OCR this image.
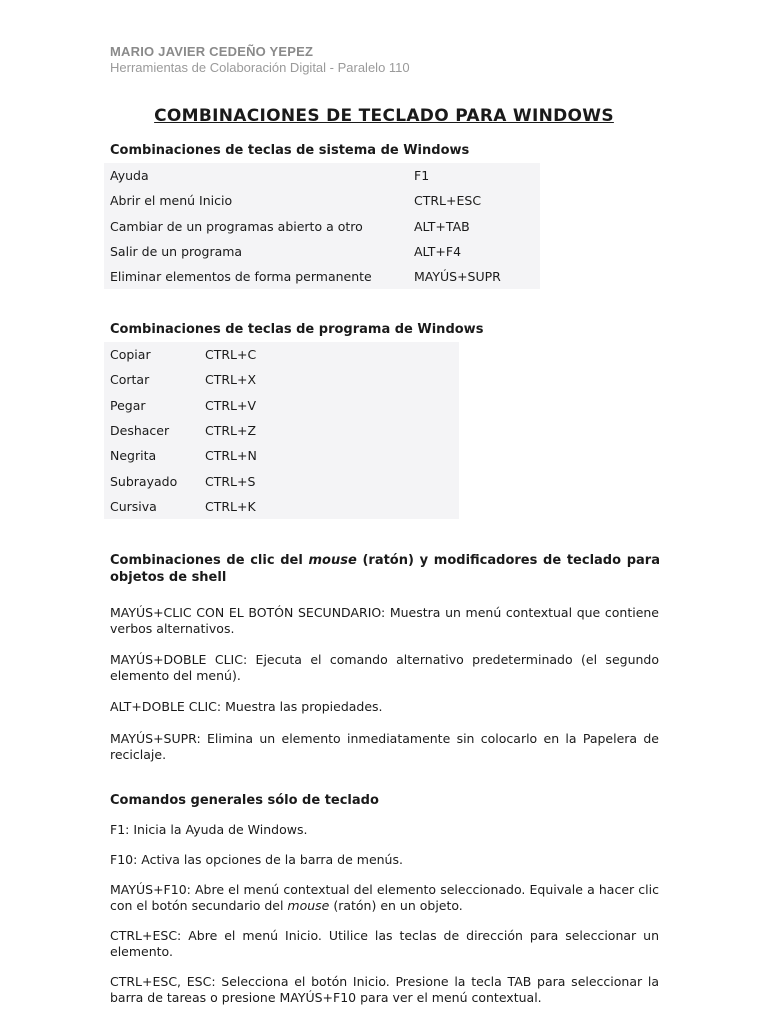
MARIO JAVIER CEDEÑO YEPEZ
Herramientas de Colaboración Digital - Paralelo 110
COMBINACIONES DE TECLADO PARA WINDOWS
Combinaciones de teclas de sistema de Windows
Ayuda	F1
Abrir el menú Inicio	CTRL+ESC
Cambiar de un programas abierto a otro	ALT+TAB
Salir de un programa	ALT+F4
Eliminar elementos de forma permanente	MAYÚS+SUPR
Combinaciones de teclas de programa de Windows
Copiar	CTRL+C
Cortar	CTRL+X
Pegar	CTRL+V
Deshacer	CTRL+Z
Negrita	CTRL+N
Subrayado	CTRL+S
Cursiva	CTRL+K
Combinaciones de clic del mouse (ratón) y modificadores de teclado para objetos de shell
MAYÚS+CLIC CON EL BOTÓN SECUNDARIO: Muestra un menú contextual que contiene verbos alternativos.
MAYÚS+DOBLE CLIC: Ejecuta el comando alternativo predeterminado (el segundo elemento del menú).
ALT+DOBLE CLIC: Muestra las propiedades.
MAYÚS+SUPR: Elimina un elemento inmediatamente sin colocarlo en la Papelera de reciclaje.
Comandos generales sólo de teclado
F1: Inicia la Ayuda de Windows.
F10: Activa las opciones de la barra de menús.
MAYÚS+F10: Abre el menú contextual del elemento seleccionado. Equivale a hacer clic con el botón secundario del mouse (ratón) en un objeto.
CTRL+ESC: Abre el menú Inicio. Utilice las teclas de dirección para seleccionar un elemento.
CTRL+ESC, ESC: Selecciona el botón Inicio. Presione la tecla TAB para seleccionar la barra de tareas o presione MAYÚS+F10 para ver el menú contextual.
